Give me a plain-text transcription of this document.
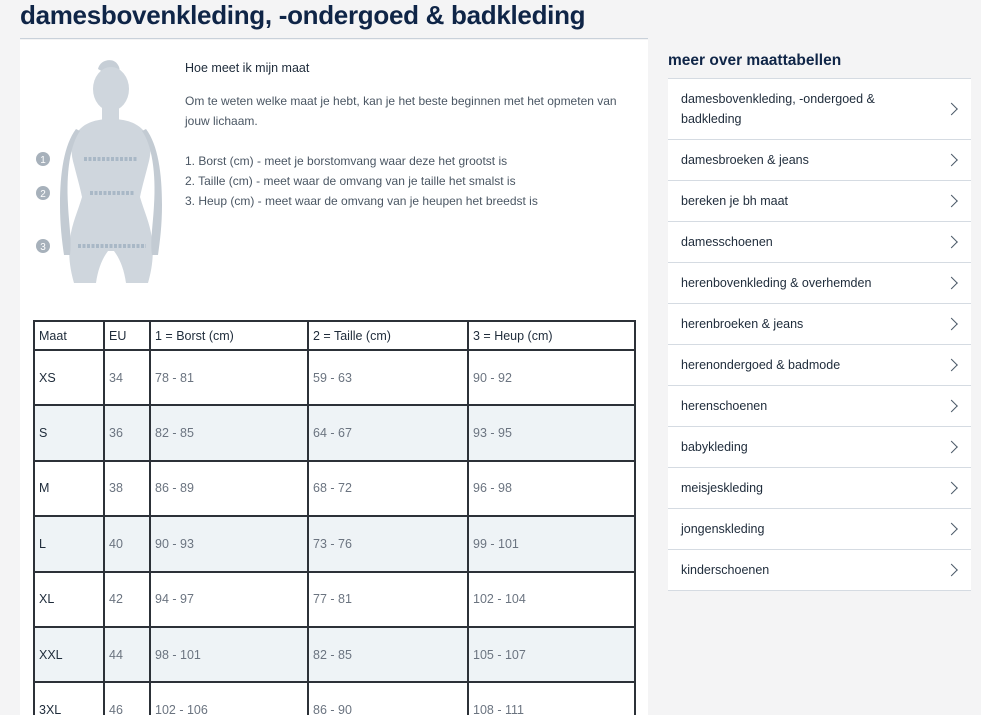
damesbovenkleding, -ondergoed & badkleding
1
2
3
Hoe meet ik mijn maat
Om te weten welke maat je hebt, kan je het beste beginnen met het opmeten van jouw lichaam.
1. Borst (cm) - meet je borstomvang waar deze het grootst is
2. Taille (cm) - meet waar de omvang van je taille het smalst is
3. Heup (cm) - meet waar de omvang van je heupen het breedst is
Maat	EU	1 = Borst (cm)	2 = Taille (cm)	3 = Heup (cm)
XS	34	78 - 81	59 - 63	90 - 92
S	36	82 - 85	64 - 67	93 - 95
M	38	86 - 89	68 - 72	96 - 98
L	40	90 - 93	73 - 76	99 - 101
XL	42	94 - 97	77 - 81	102 - 104
XXL	44	98 - 101	82 - 85	105 - 107
3XL	46	102 - 106	86 - 90	108 - 111
meer over maattabellen
damesbovenkleding, -ondergoed & badkleding
damesbroeken & jeans
bereken je bh maat
damesschoenen
herenbovenkleding & overhemden
herenbroeken & jeans
herenondergoed & badmode
herenschoenen
babykleding
meisjeskleding
jongenskleding
kinderschoenen
